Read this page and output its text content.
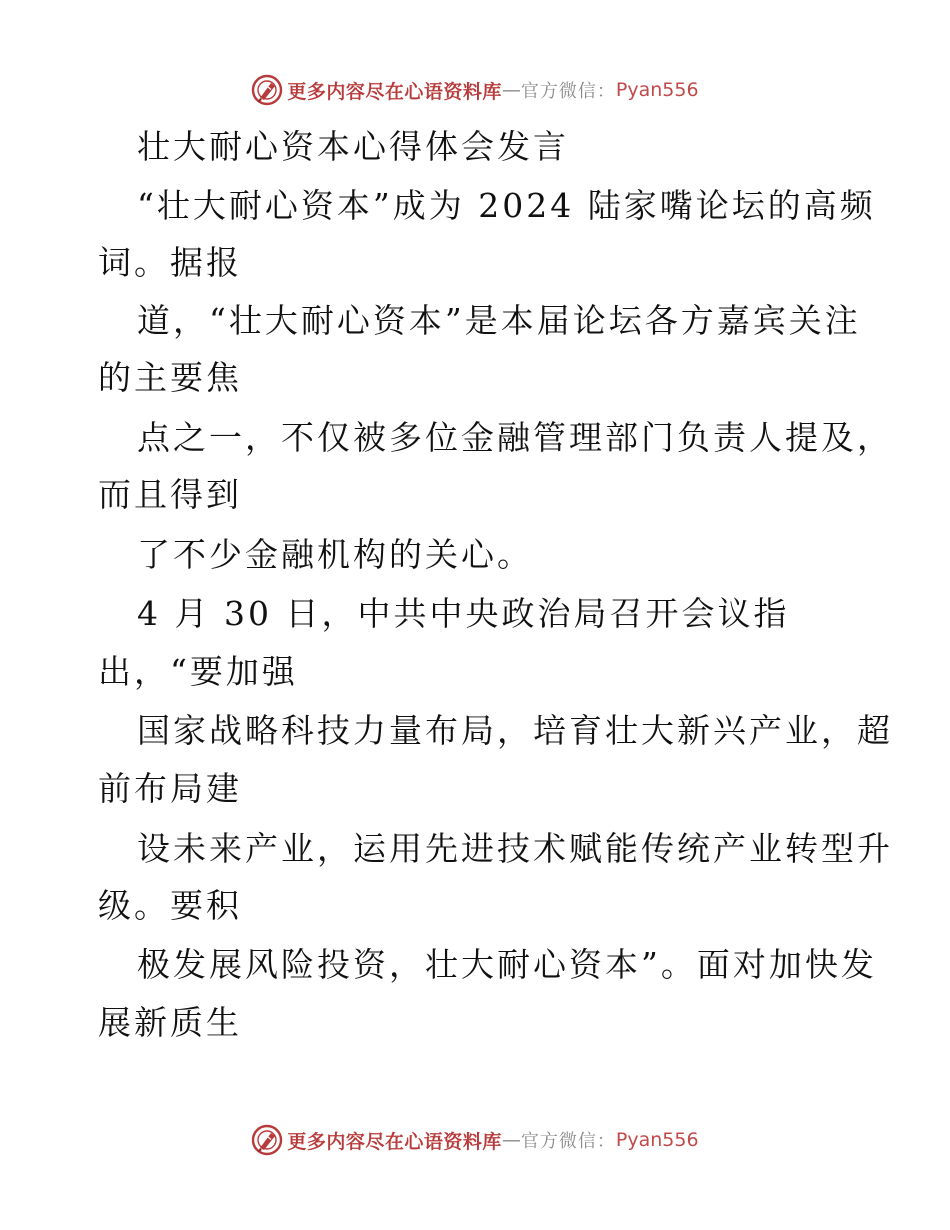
更多内容尽在心语资料库 — 官方微信： Pyan556
壮大耐心资本心得体会发言
“壮大耐心资本”成为 2024 陆家嘴论坛的高频
词。据报
道，“壮大耐心资本”是本届论坛各方嘉宾关注
的主要焦
点之一，不仅被多位金融管理部门负责人提及，
而且得到
了不少金融机构的关心。
4 月 30 日，中共中央政治局召开会议指
出，“要加强
国家战略科技力量布局，培育壮大新兴产业，超
前布局建
设未来产业，运用先进技术赋能传统产业转型升
级。要积
极发展风险投资，壮大耐心资本”。面对加快发
展新质生
更多内容尽在心语资料库 — 官方微信： Pyan556
